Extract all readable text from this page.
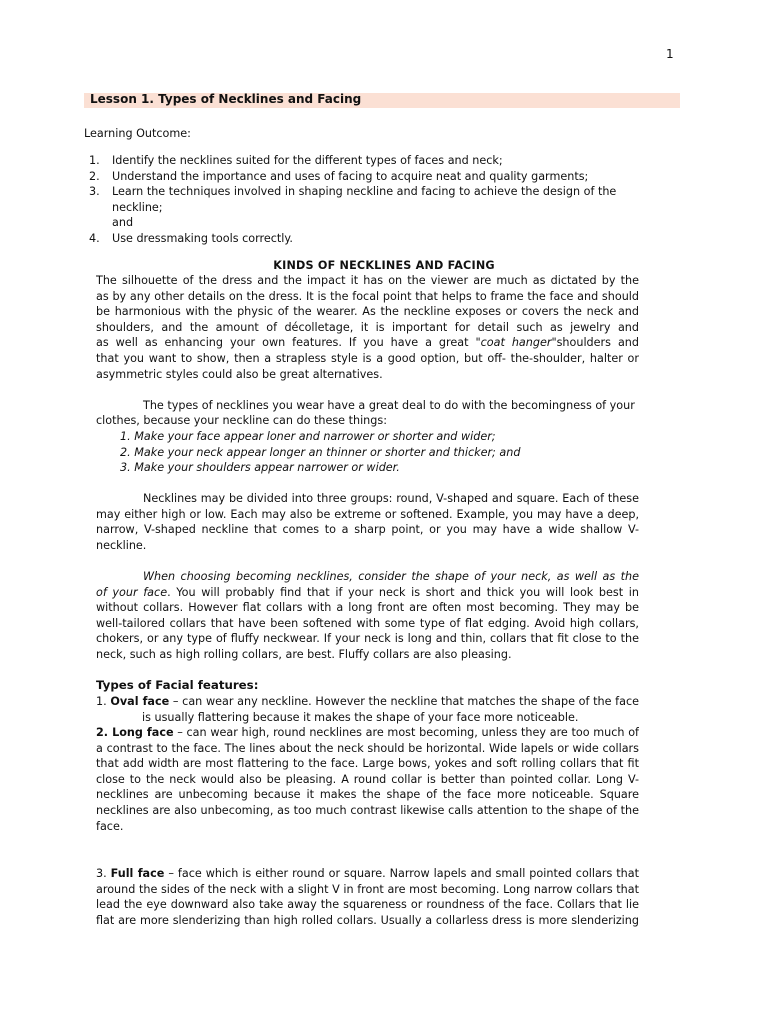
1
Lesson 1. Types of Necklines and Facing
Learning Outcome:
1. Identify the necklines suited for the different types of faces and neck;
2. Understand the importance and uses of facing to acquire neat and quality garments;
3. Learn the techniques involved in shaping neckline and facing to achieve the design of the neckline;
and
4. Use dressmaking tools correctly.
KINDS OF NECKLINES AND FACING
The silhouette of the dress and the impact it has on the viewer are much as dictated by the
as by any other details on the dress. It is the focal point that helps to frame the face and should
be harmonious with the physic of the wearer. As the neckline exposes or covers the neck and
shoulders, and the amount of décolletage, it is important for detail such as jewelry and
as well as enhancing your own features. If you have a great "coat hanger"shoulders and
that you want to show, then a strapless style is a good option, but off- the-shoulder, halter or
asymmetric styles could also be great alternatives.
The types of necklines you wear have a great deal to do with the becomingness of your
clothes, because your neckline can do these things:
1. Make your face appear loner and narrower or shorter and wider;
2. Make your neck appear longer an thinner or shorter and thicker; and
3. Make your shoulders appear narrower or wider.
Necklines may be divided into three groups: round, V-shaped and square. Each of these
may either high or low. Each may also be extreme or softened. Example, you may have a deep,
narrow, V-shaped neckline that comes to a sharp point, or you may have a wide shallow V-
neckline.
When choosing becoming necklines, consider the shape of your neck, as well as the
of your face. You will probably find that if your neck is short and thick you will look best in
without collars. However flat collars with a long front are often most becoming. They may be
well-tailored collars that have been softened with some type of flat edging. Avoid high collars,
chokers, or any type of fluffy neckwear. If your neck is long and thin, collars that fit close to the
neck, such as high rolling collars, are best. Fluffy collars are also pleasing.
Types of Facial features:
1. Oval face – can wear any neckline. However the neckline that matches the shape of the face
is usually flattering because it makes the shape of your face more noticeable.
2. Long face – can wear high, round necklines are most becoming, unless they are too much of
a contrast to the face. The lines about the neck should be horizontal. Wide lapels or wide collars
that add width are most flattering to the face. Large bows, yokes and soft rolling collars that fit
close to the neck would also be pleasing. A round collar is better than pointed collar. Long V-
necklines are unbecoming because it makes the shape of the face more noticeable. Square
necklines are also unbecoming, as too much contrast likewise calls attention to the shape of the
face.
3. Full face – face which is either round or square. Narrow lapels and small pointed collars that
around the sides of the neck with a slight V in front are most becoming. Long narrow collars that
lead the eye downward also take away the squareness or roundness of the face. Collars that lie
flat are more slenderizing than high rolled collars. Usually a collarless dress is more slenderizing
